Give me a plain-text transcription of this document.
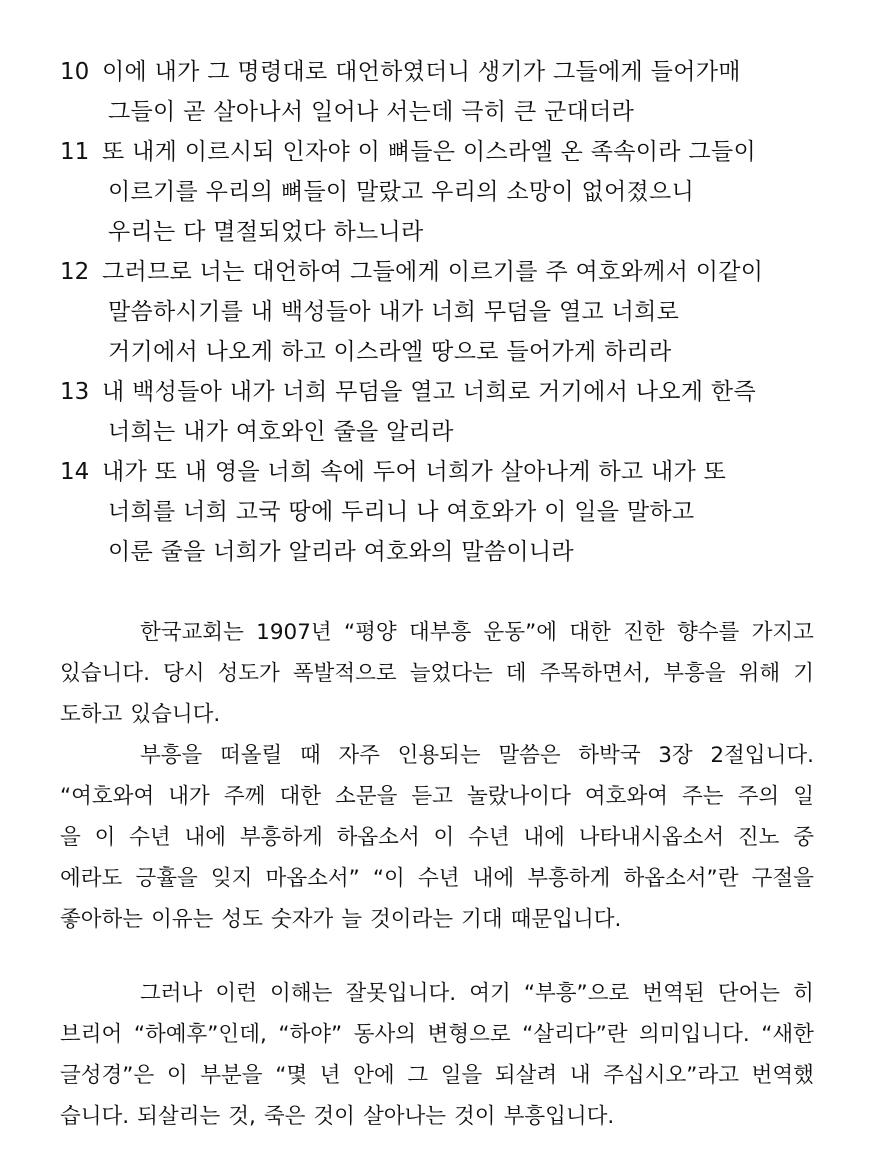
10 이에 내가 그 명령대로 대언하였더니 생기가 그들에게 들어가매
그들이 곧 살아나서 일어나 서는데 극히 큰 군대더라
11 또 내게 이르시되 인자야 이 뼈들은 이스라엘 온 족속이라 그들이
이르기를 우리의 뼈들이 말랐고 우리의 소망이 없어졌으니
우리는 다 멸절되었다 하느니라
12 그러므로 너는 대언하여 그들에게 이르기를 주 여호와께서 이같이
말씀하시기를 내 백성들아 내가 너희 무덤을 열고 너희로
거기에서 나오게 하고 이스라엘 땅으로 들어가게 하리라
13 내 백성들아 내가 너희 무덤을 열고 너희로 거기에서 나오게 한즉
너희는 내가 여호와인 줄을 알리라
14 내가 또 내 영을 너희 속에 두어 너희가 살아나게 하고 내가 또
너희를 너희 고국 땅에 두리니 나 여호와가 이 일을 말하고
이룬 줄을 너희가 알리라 여호와의 말씀이니라
한국교회는 1907년 “평양 대부흥 운동”에 대한 진한 향수를 가지고
있습니다. 당시 성도가 폭발적으로 늘었다는 데 주목하면서, 부흥을 위해 기
도하고 있습니다.
부흥을 떠올릴 때 자주 인용되는 말씀은 하박국 3장 2절입니다.
“여호와여 내가 주께 대한 소문을 듣고 놀랐나이다 여호와여 주는 주의 일
을 이 수년 내에 부흥하게 하옵소서 이 수년 내에 나타내시옵소서 진노 중
에라도 긍휼을 잊지 마옵소서” “이 수년 내에 부흥하게 하옵소서”란 구절을
좋아하는 이유는 성도 숫자가 늘 것이라는 기대 때문입니다.
그러나 이런 이해는 잘못입니다. 여기 “부흥”으로 번역된 단어는 히
브리어 “하예후”인데, “하야” 동사의 변형으로 “살리다”란 의미입니다. “새한
글성경”은 이 부분을 “몇 년 안에 그 일을 되살려 내 주십시오”라고 번역했
습니다. 되살리는 것, 죽은 것이 살아나는 것이 부흥입니다.
